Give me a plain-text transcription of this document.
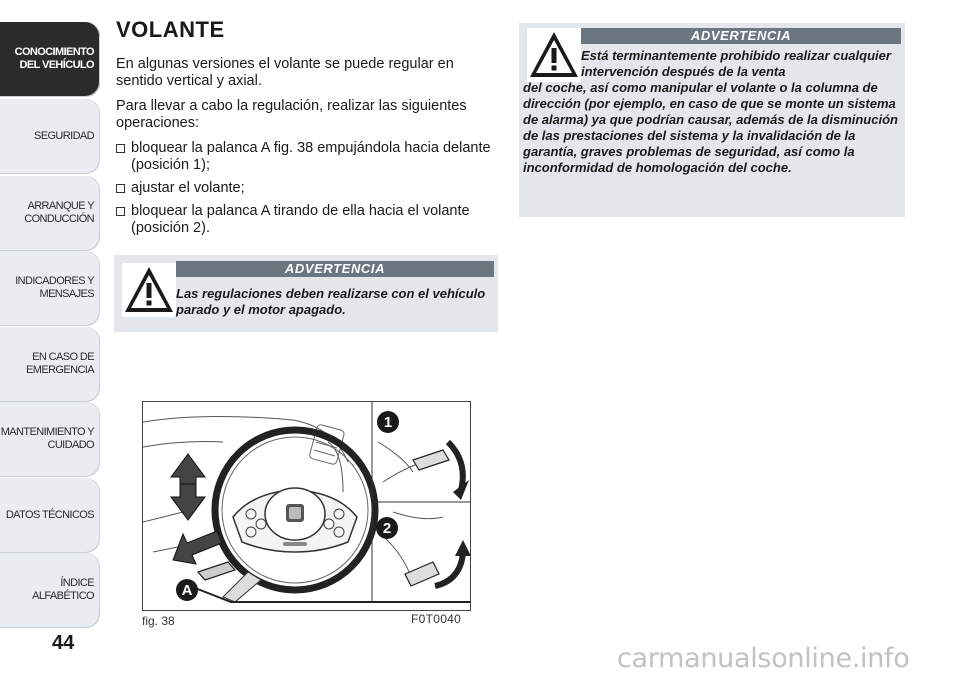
CONOCIMIENTO
DEL VEHÍCULO
SEGURIDAD
ARRANQUE Y
CONDUCCIÓN
INDICADORES Y
MENSAJES
EN CASO DE
EMERGENCIA
MANTENIMIENTO Y
CUIDADO
DATOS TÉCNICOS
ÍNDICE ALFABÉTICO
44
VOLANTE

En algunas versiones el volante se puede regular en sentido vertical y axial.

Para llevar a cabo la regulación, realizar las siguientes operaciones:

bloquear la palanca A fig. 38 empujándola hacia delante (posición 1);
ajustar el volante;
bloquear la palanca A tirando de ella hacia el volante (posición 2).
ADVERTENCIA
Las regulaciones deben realizarse con el vehículo parado y el motor apagado.
ADVERTENCIA
Está terminantemente prohibido realizar cualquier intervención después de la venta
del coche, así como manipular el volante o la columna de dirección (por ejemplo, en caso de que se monte un sistema de alarma) ya que podrían causar, además de la disminución de las prestaciones del sistema y la invalidación de la garantía, graves problemas de seguridad, así como la inconformidad de homologación del coche.
1
2
A
fig. 38	F0T0040
carmanualsonline.info
